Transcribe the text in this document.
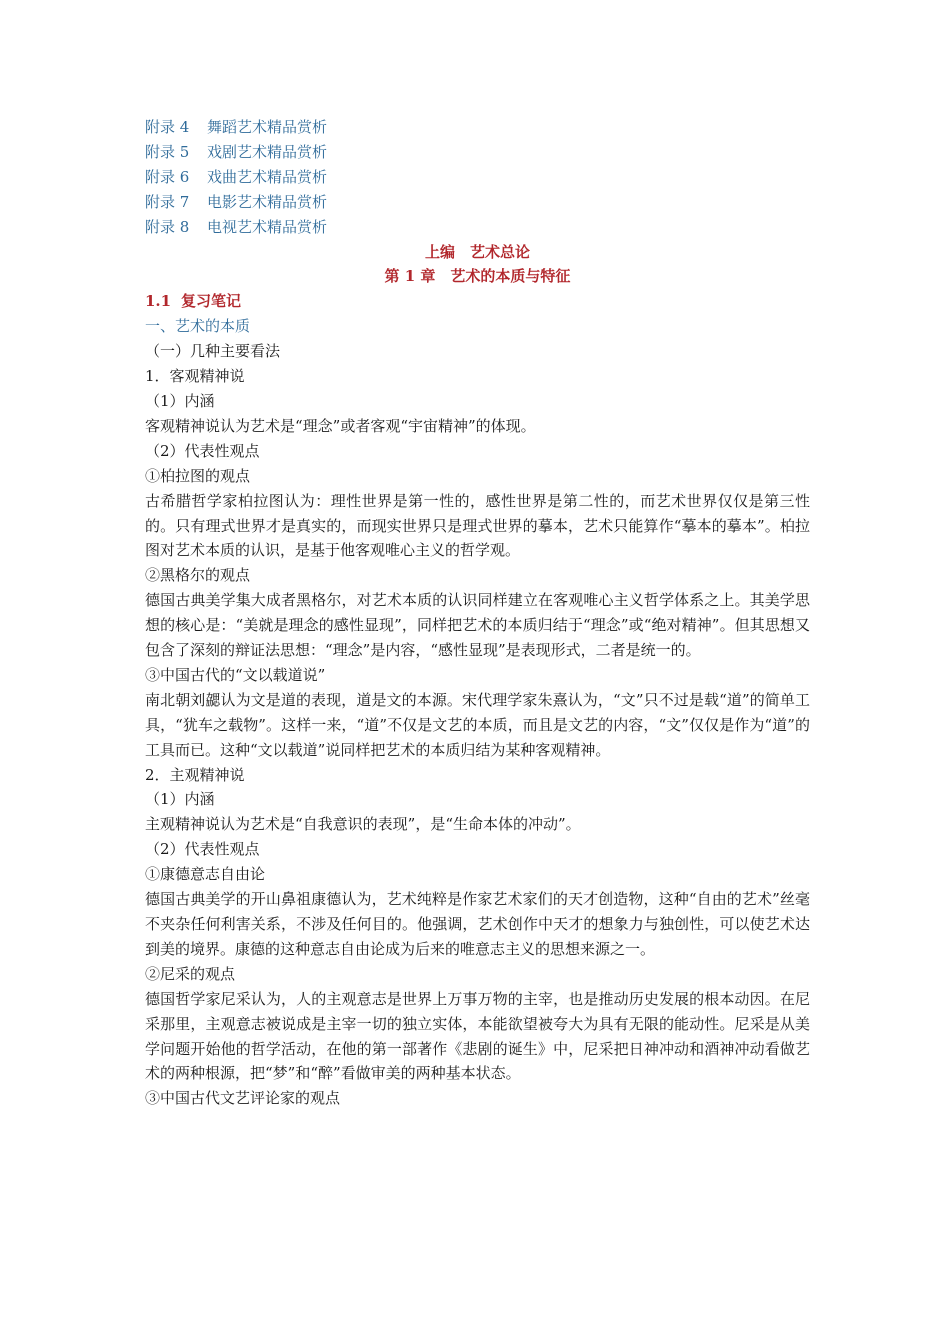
附录 4 舞蹈艺术精品赏析

附录 5 戏剧艺术精品赏析

附录 6 戏曲艺术精品赏析

附录 7 电影艺术精品赏析

附录 8 电视艺术精品赏析

上编　艺术总论

第 1 章　艺术的本质与特征

1.1 复习笔记

一、艺术的本质

（一）几种主要看法

1．客观精神说

（1）内涵

客观精神说认为艺术是“理念”或者客观“宇宙精神”的体现。

（2）代表性观点

①柏拉图的观点

古希腊哲学家柏拉图认为：理性世界是第一性的，感性世界是第二性的，而艺术世界仅仅是第三性的。只有理式世界才是真实的，而现实世界只是理式世界的摹本，艺术只能算作“摹本的摹本”。柏拉图对艺术本质的认识，是基于他客观唯心主义的哲学观。

②黑格尔的观点

德国古典美学集大成者黑格尔，对艺术本质的认识同样建立在客观唯心主义哲学体系之上。其美学思想的核心是：“美就是理念的感性显现”，同样把艺术的本质归结于“理念”或“绝对精神”。但其思想又包含了深刻的辩证法思想：“理念”是内容，“感性显现”是表现形式，二者是统一的。

③中国古代的“文以载道说”

南北朝刘勰认为文是道的表现，道是文的本源。宋代理学家朱熹认为，“文”只不过是载“道”的简单工具，“犹车之载物”。这样一来，“道”不仅是文艺的本质，而且是文艺的内容，“文”仅仅是作为“道”的工具而已。这种“文以载道”说同样把艺术的本质归结为某种客观精神。

2．主观精神说

（1）内涵

主观精神说认为艺术是“自我意识的表现”，是“生命本体的冲动”。

（2）代表性观点

①康德意志自由论

德国古典美学的开山鼻祖康德认为，艺术纯粹是作家艺术家们的天才创造物，这种“自由的艺术”丝毫不夹杂任何利害关系，不涉及任何目的。他强调，艺术创作中天才的想象力与独创性，可以使艺术达到美的境界。康德的这种意志自由论成为后来的唯意志主义的思想来源之一。

②尼采的观点

德国哲学家尼采认为，人的主观意志是世界上万事万物的主宰，也是推动历史发展的根本动因。在尼采那里，主观意志被说成是主宰一切的独立实体，本能欲望被夸大为具有无限的能动性。尼采是从美学问题开始他的哲学活动，在他的第一部著作《悲剧的诞生》中，尼采把日神冲动和酒神冲动看做艺术的两种根源，把“梦”和“醉”看做审美的两种基本状态。

③中国古代文艺评论家的观点
